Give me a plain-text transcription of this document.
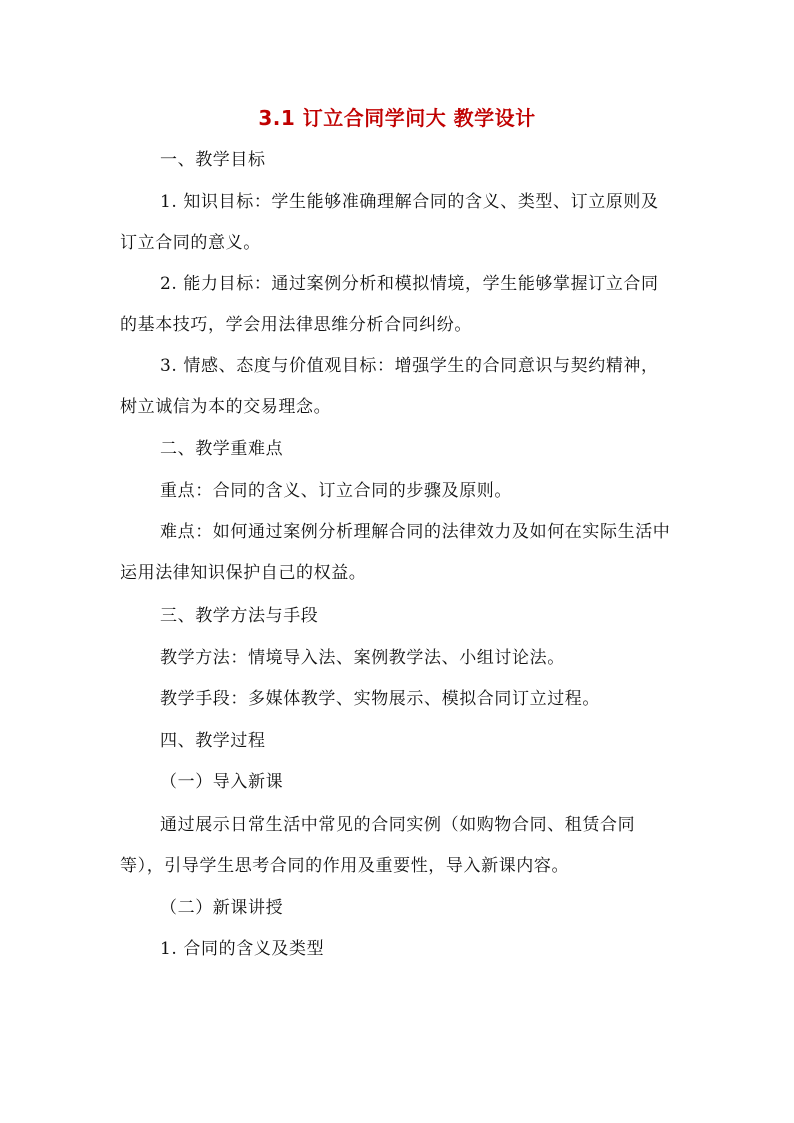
3.1 订立合同学问大 教学设计

一、教学目标

1. 知识目标：学生能够准确理解合同的含义、类型、订立原则及订立合同的意义。

2. 能力目标：通过案例分析和模拟情境，学生能够掌握订立合同的基本技巧，学会用法律思维分析合同纠纷。

3. 情感、态度与价值观目标：增强学生的合同意识与契约精神，树立诚信为本的交易理念。

二、教学重难点

重点：合同的含义、订立合同的步骤及原则。

难点：如何通过案例分析理解合同的法律效力及如何在实际生活中运用法律知识保护自己的权益。

三、教学方法与手段

教学方法：情境导入法、案例教学法、小组讨论法。

教学手段：多媒体教学、实物展示、模拟合同订立过程。

四、教学过程

（一）导入新课

通过展示日常生活中常见的合同实例（如购物合同、租赁合同等），引导学生思考合同的作用及重要性，导入新课内容。

（二）新课讲授

1. 合同的含义及类型
